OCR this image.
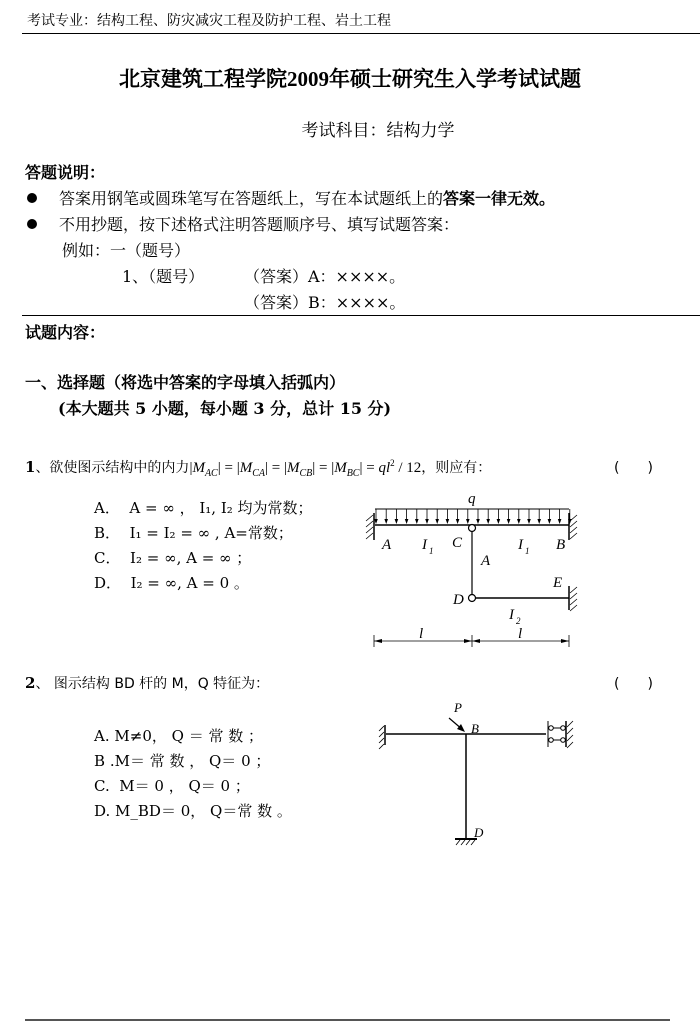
考试专业：结构工程、防灾减灾工程及防护工程、岩土工程
北京建筑工程学院2009年硕士研究生入学考试试题
考试科目：结构力学
答题说明：
答案用钢笔或圆珠笔写在答题纸上，写在本试题纸上的答案一律无效。
不用抄题，按下述格式注明答题顺序号、填写试题答案：
例如：一（题号）
1、（题号） （答案）A：××××。
（答案）B：××××。
试题内容：
一、选择题（将选中答案的字母填入括弧内）
(本大题共 5 小题，每小题 3 分，总计 15 分)
1、欲使图示结构中的内力$|M_{AC}| = |M_{CA}| = |M_{CB}| = |M_{BC}| = ql^2 / 12$，则应有：	(　　)
A． A = ∞ ， I₁, I₂ 均为常数；
B． I₁ = I₂ = ∞ , A=常数；
C． I₂ = ∞, A = ∞ ；
D． I₂ = ∞, A = 0 。
q
A I 1 C	I 1 B
A
D
E
I 2
l	l
2、 图示结构 BD 杆的 M，Q 特征为：	(　　)
A. M≠0， Q ＝ 常 数 ；
B .M＝ 常 数 ， Q＝ 0 ；
C. M＝ 0 ， Q＝ 0 ；
D. M_BD＝ 0， Q＝常 数 。
P
B
D
